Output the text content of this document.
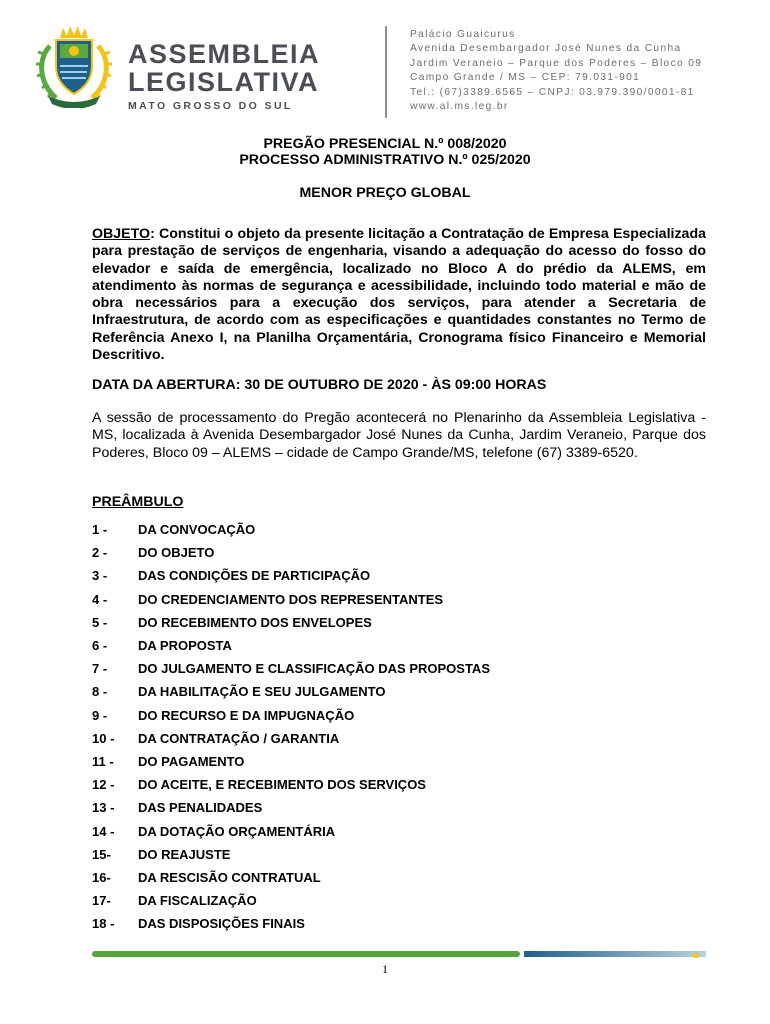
ASSEMBLEIA
LEGISLATIVA
MATO GROSSO DO SUL
Palácio Guaicurus
Avenida Desembargador José Nunes da Cunha
Jardim Veraneio – Parque dos Poderes – Bloco 09
Campo Grande / MS – CEP: 79.031-901
Tel.: (67)3389.6565 – CNPJ: 03.979.390/0001-81
www.al.ms.leg.br
PREGÃO PRESENCIAL N.º 008/2020
PROCESSO ADMINISTRATIVO N.º 025/2020
MENOR PREÇO GLOBAL
OBJETO: Constitui o objeto da presente licitação a Contratação de Empresa Especializada para prestação de serviços de engenharia, visando a adequação do acesso do fosso do elevador e saída de emergência, localizado no Bloco A do prédio da ALEMS, em atendimento às normas de segurança e acessibilidade, incluindo todo material e mão de obra necessários para a execução dos serviços, para atender a Secretaria de Infraestrutura, de acordo com as especificações e quantidades constantes no Termo de Referência Anexo I, na Planilha Orçamentária, Cronograma físico Financeiro e Memorial Descritivo.
DATA DA ABERTURA: 30 DE OUTUBRO DE 2020 - ÀS 09:00 HORAS
A sessão de processamento do Pregão acontecerá no Plenarinho da Assembleia Legislativa - MS, localizada à Avenida Desembargador José Nunes da Cunha, Jardim Veraneio, Parque dos Poderes, Bloco 09 – ALEMS – cidade de Campo Grande/MS, telefone (67) 3389-6520.
PREÂMBULO
1 -	DA CONVOCAÇÃO
2 -	DO OBJETO
3 -	DAS CONDIÇÕES DE PARTICIPAÇÃO
4 -	DO CREDENCIAMENTO DOS REPRESENTANTES
5 -	DO RECEBIMENTO DOS ENVELOPES
6 -	DA PROPOSTA
7 -	DO JULGAMENTO E CLASSIFICAÇÃO DAS PROPOSTAS
8 -	DA HABILITAÇÃO E SEU JULGAMENTO
9 -	DO RECURSO E DA IMPUGNAÇÃO
10 -	DA CONTRATAÇÃO / GARANTIA
11 -	DO PAGAMENTO
12 -	DO ACEITE, E RECEBIMENTO DOS SERVIÇOS
13 -	DAS PENALIDADES
14 -	DA DOTAÇÃO ORÇAMENTÁRIA
15-	DO REAJUSTE
16-	DA RESCISÃO CONTRATUAL
17-	DA FISCALIZAÇÃO
18 -	DAS DISPOSIÇÕES FINAIS
1
